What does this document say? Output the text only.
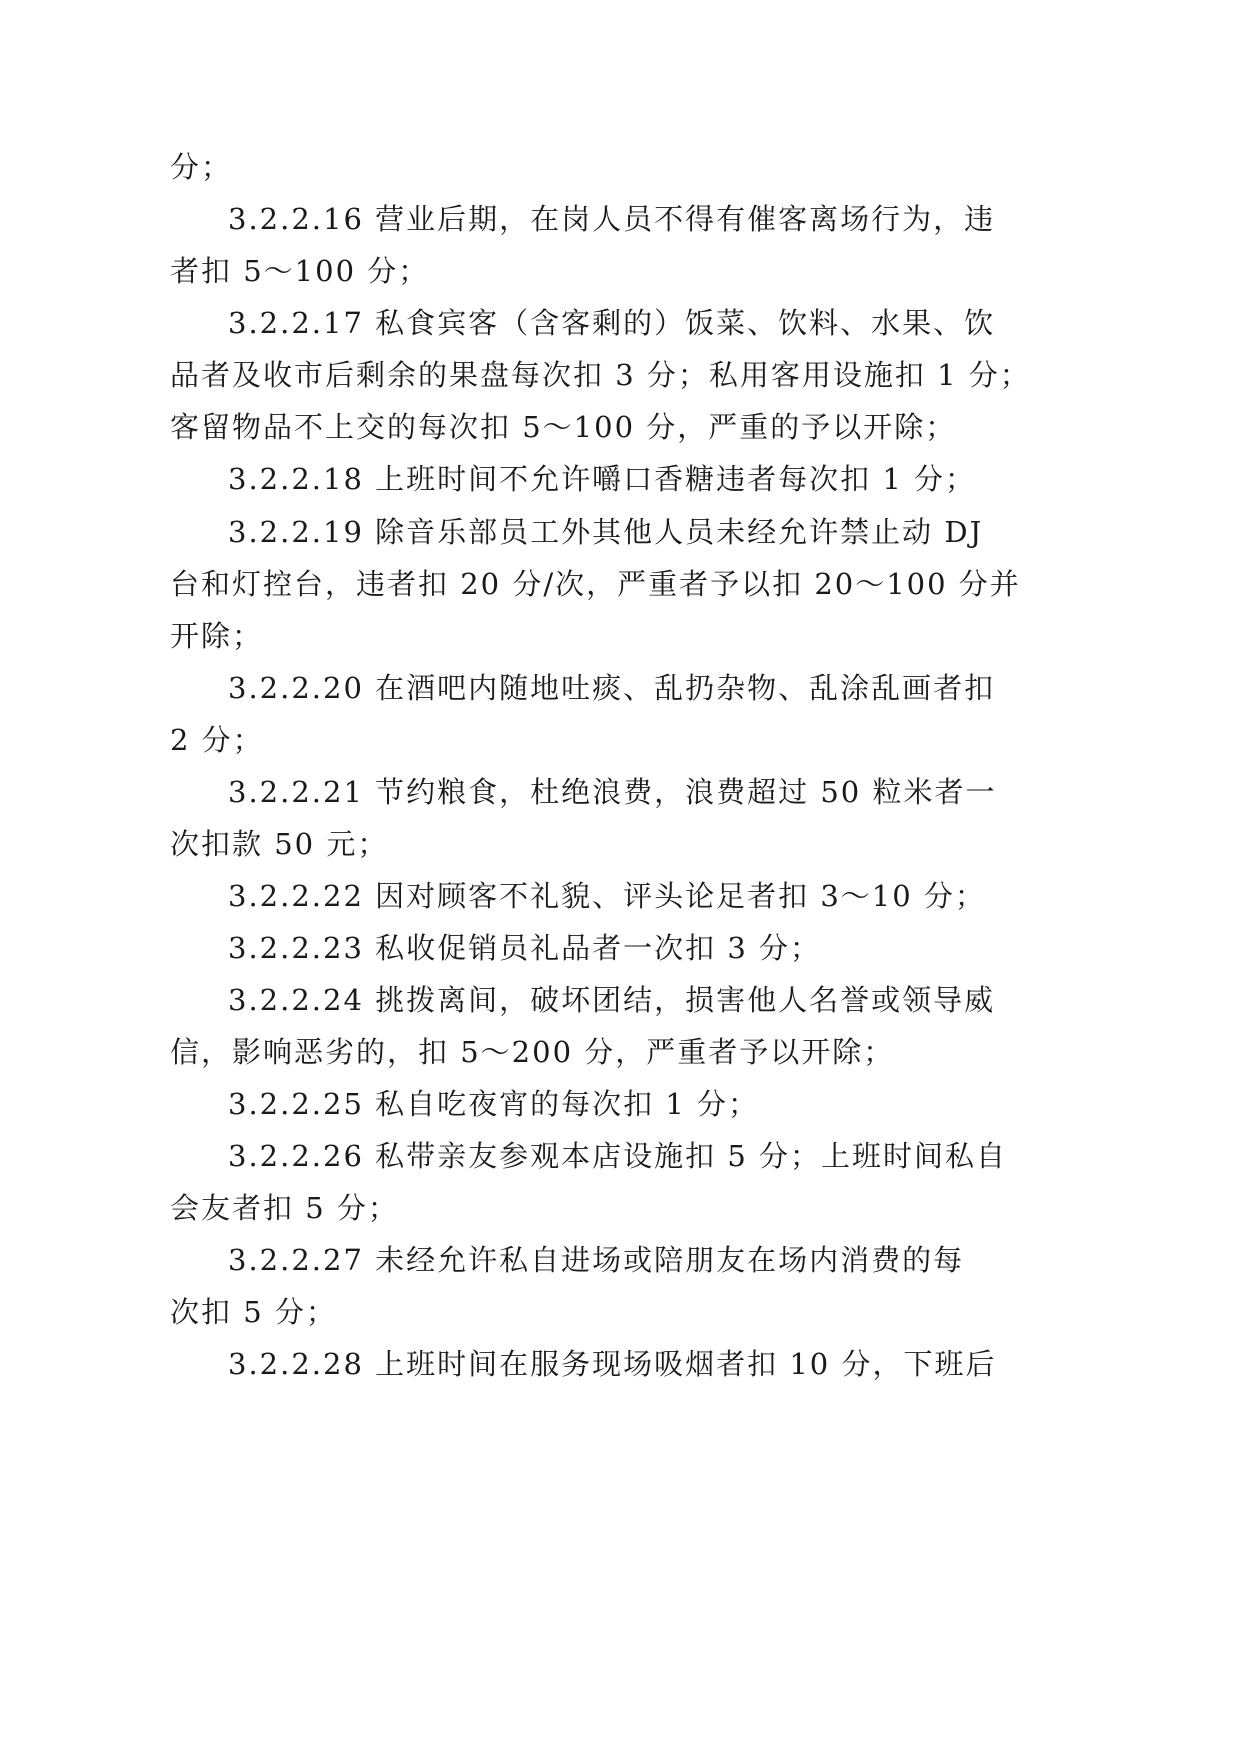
分；
3.2.2.16 营业后期，在岗人员不得有催客离场行为，违
者扣 5～100 分；
3.2.2.17 私食宾客（含客剩的）饭菜、饮料、水果、饮
品者及收市后剩余的果盘每次扣 3 分；私用客用设施扣 1 分；
客留物品不上交的每次扣 5～100 分，严重的予以开除；
3.2.2.18 上班时间不允许嚼口香糖违者每次扣 1 分；
3.2.2.19 除音乐部员工外其他人员未经允许禁止动 DJ
台和灯控台，违者扣 20 分/次，严重者予以扣 20～100 分并
开除；
3.2.2.20 在酒吧内随地吐痰、乱扔杂物、乱涂乱画者扣
2 分；
3.2.2.21 节约粮食，杜绝浪费，浪费超过 50 粒米者一
次扣款 50 元；
3.2.2.22 因对顾客不礼貌、评头论足者扣 3～10 分；
3.2.2.23 私收促销员礼品者一次扣 3 分；
3.2.2.24 挑拨离间，破坏团结，损害他人名誉或领导威
信，影响恶劣的，扣 5～200 分，严重者予以开除；
3.2.2.25 私自吃夜宵的每次扣 1 分；
3.2.2.26 私带亲友参观本店设施扣 5 分；上班时间私自
会友者扣 5 分；
3.2.2.27 未经允许私自进场或陪朋友在场内消费的每
次扣 5 分；
3.2.2.28 上班时间在服务现场吸烟者扣 10 分，下班后
